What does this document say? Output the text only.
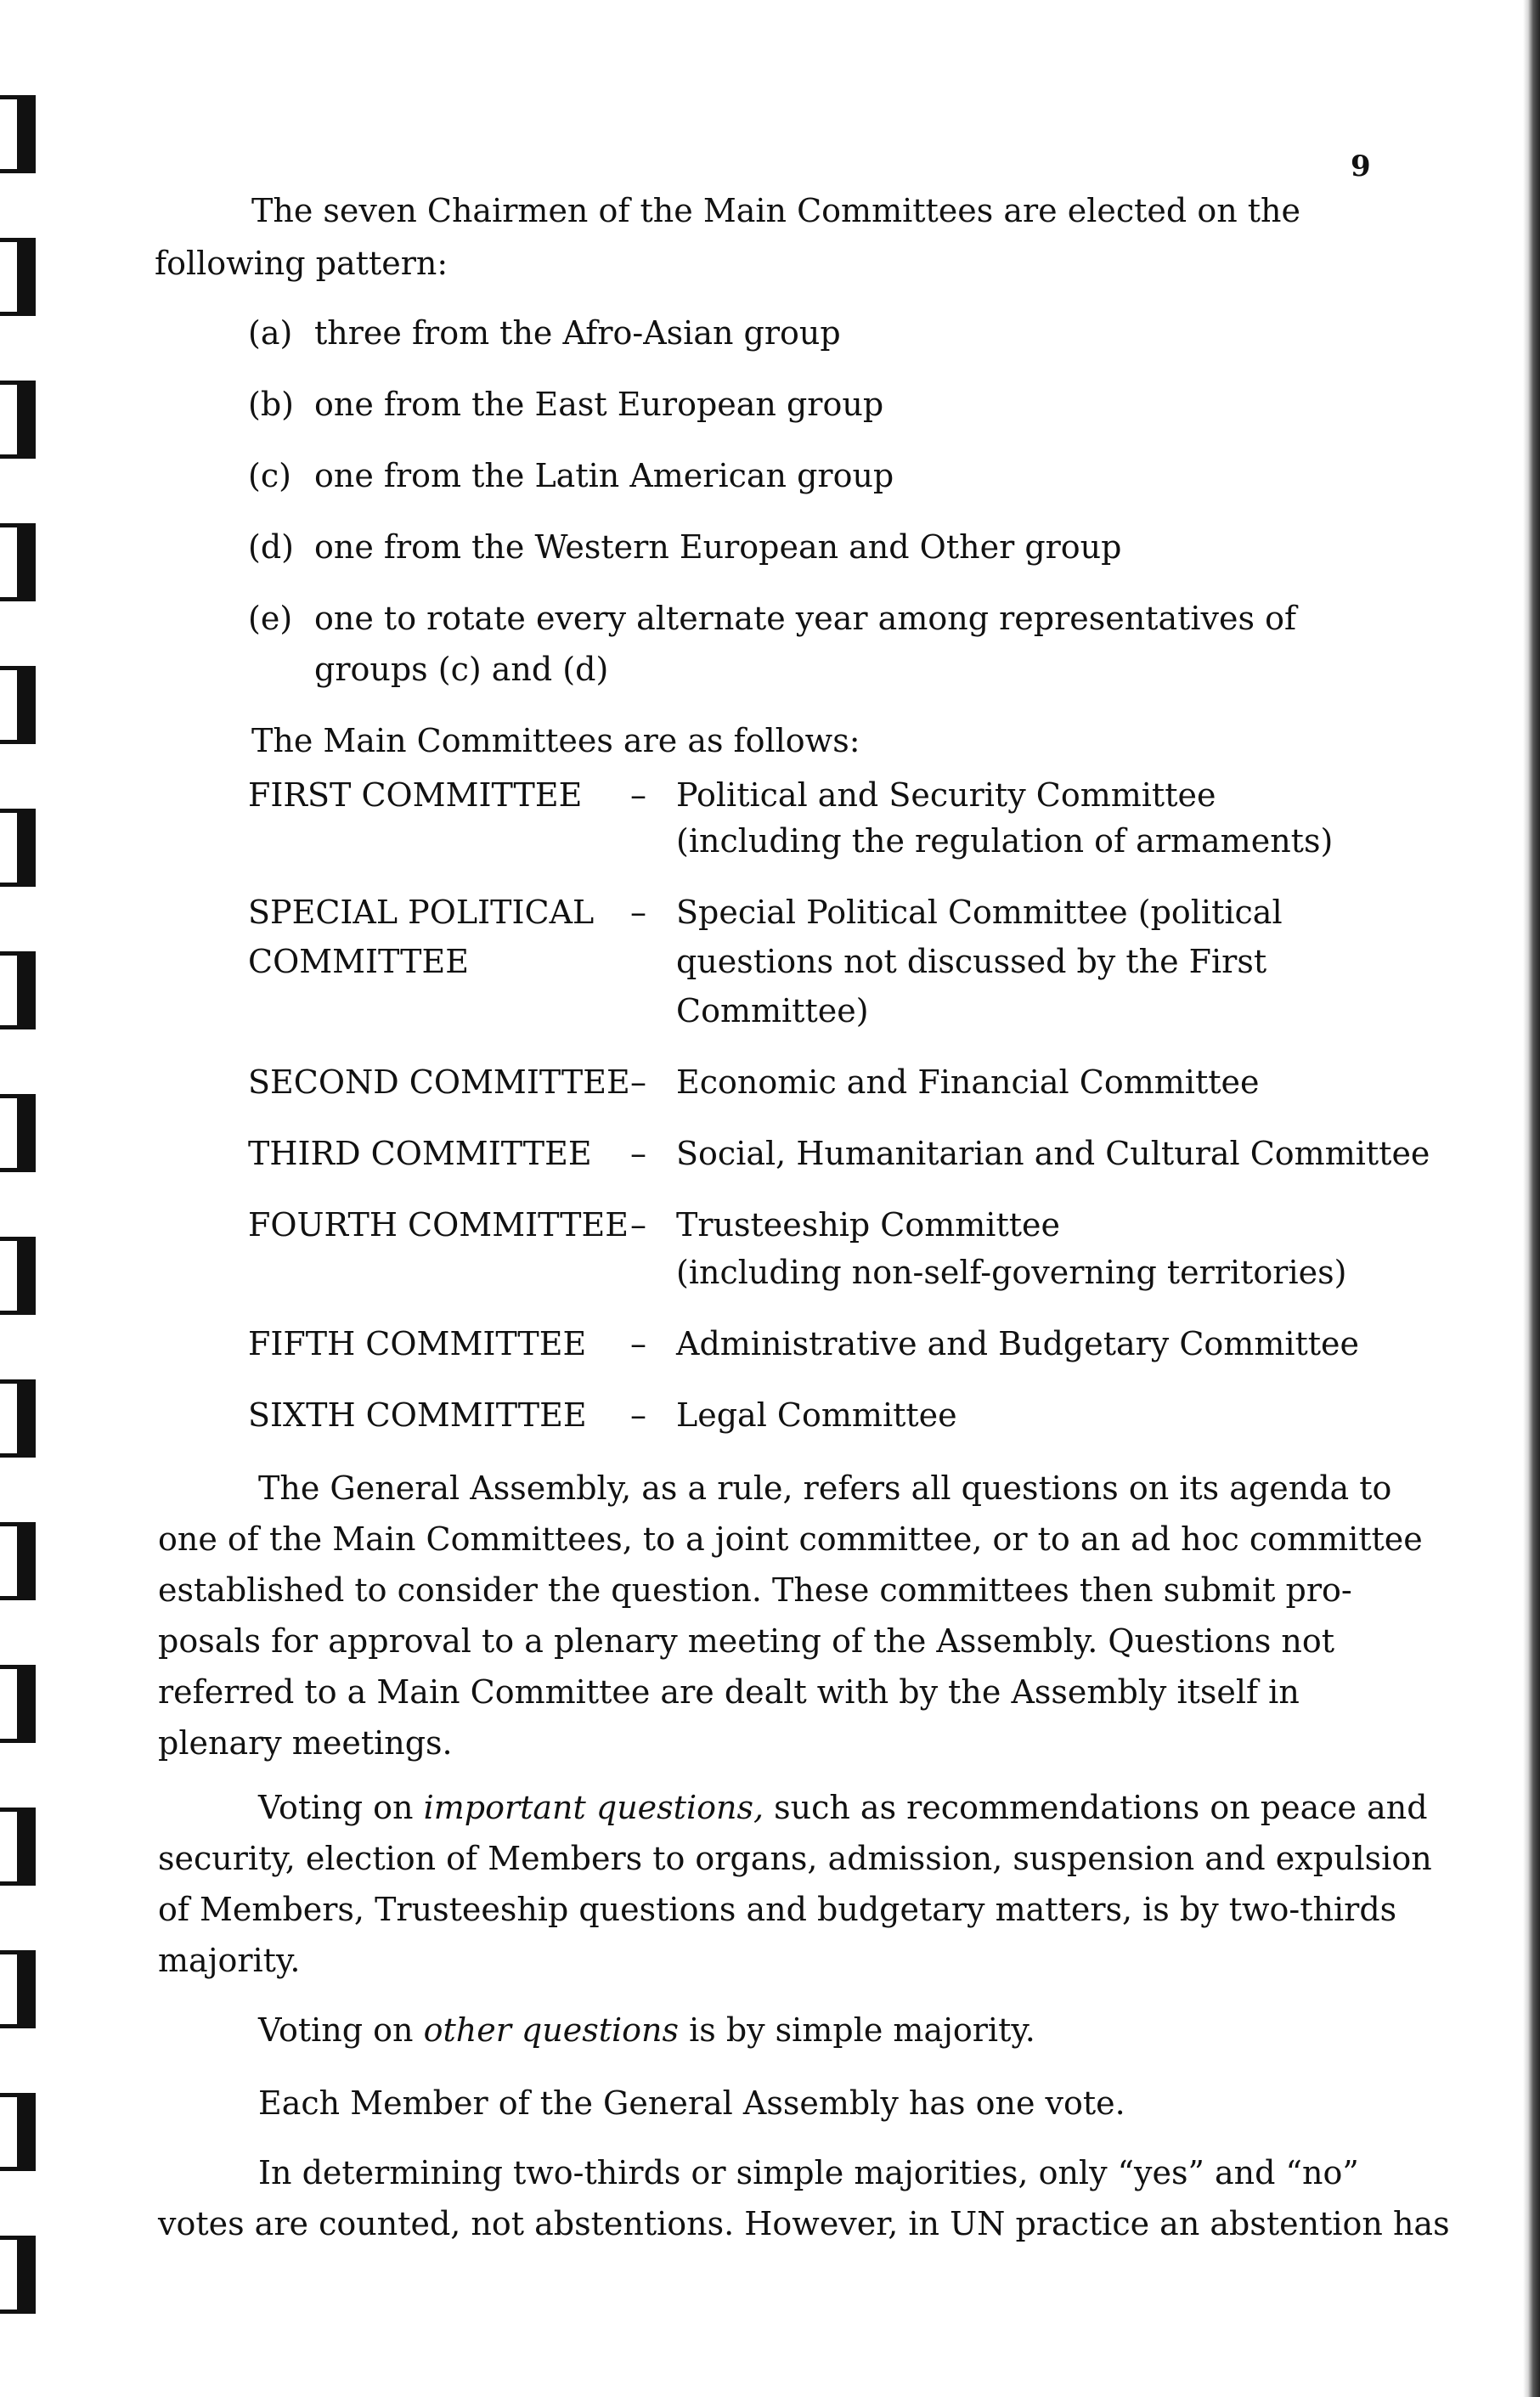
9
The seven Chairmen of the Main Committees are elected on the
following pattern:
(a) three from the Afro-Asian group
(b) one from the East European group
(c) one from the Latin American group
(d) one from the Western European and Other group
(e) one to rotate every alternate year among representatives of
groups (c) and (d)
The Main Committees are as follows:
FIRST COMMITTEE – Political and Security Committee
(including the regulation of armaments)
SPECIAL POLITICAL
COMMITTEE
– Special Political Committee (political
questions not discussed by the First
Committee)
SECOND COMMITTEE – Economic and Financial Committee
THIRD COMMITTEE – Social, Humanitarian and Cultural Committee
FOURTH COMMITTEE – Trusteeship Committee
(including non-self-governing territories)
FIFTH COMMITTEE – Administrative and Budgetary Committee
SIXTH COMMITTEE – Legal Committee
The General Assembly, as a rule, refers all questions on its agenda to
one of the Main Committees, to a joint committee, or to an ad hoc committee
established to consider the question. These committees then submit pro-
posals for approval to a plenary meeting of the Assembly. Questions not
referred to a Main Committee are dealt with by the Assembly itself in
plenary meetings.
Voting on important questions, such as recommendations on peace and
security, election of Members to organs, admission, suspension and expulsion
of Members, Trusteeship questions and budgetary matters, is by two-thirds
majority.
Voting on other questions is by simple majority.
Each Member of the General Assembly has one vote.
In determining two-thirds or simple majorities, only “yes” and “no”
votes are counted, not abstentions. However, in UN practice an abstention has
